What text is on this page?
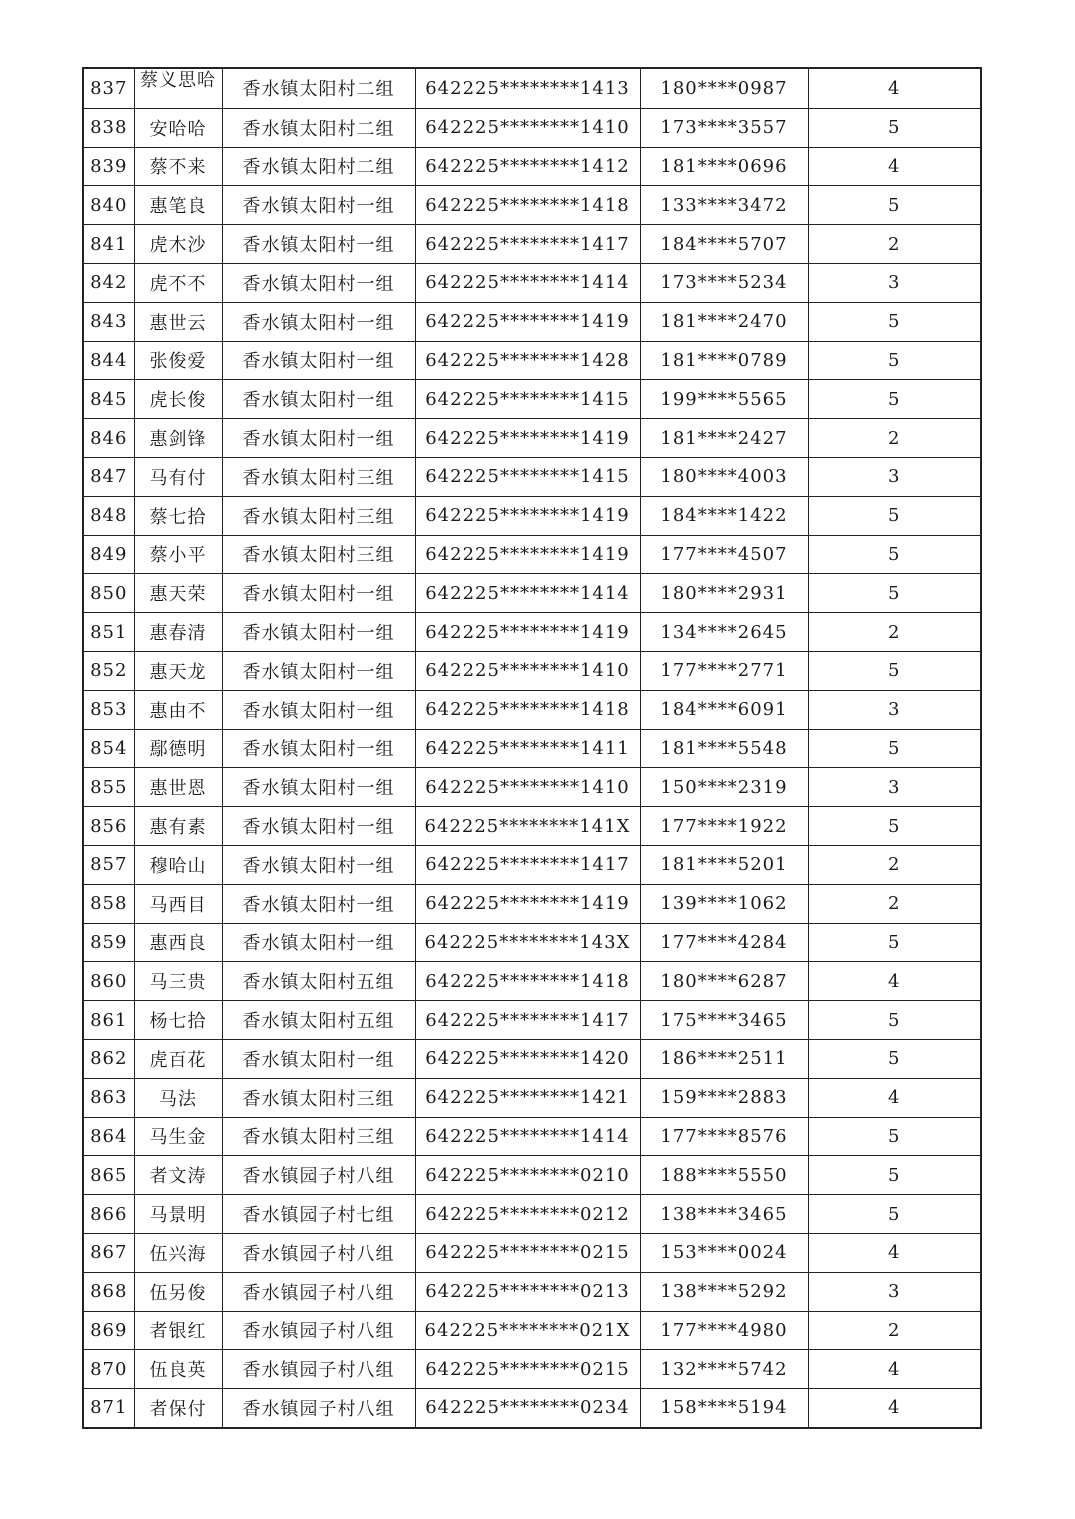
837	蔡义思哈	香水镇太阳村二组	642225********1413	180****0987	4
838	安哈哈	香水镇太阳村二组	642225********1410	173****3557	5
839	蔡不来	香水镇太阳村二组	642225********1412	181****0696	4
840	惠笔良	香水镇太阳村一组	642225********1418	133****3472	5
841	虎木沙	香水镇太阳村一组	642225********1417	184****5707	2
842	虎不不	香水镇太阳村一组	642225********1414	173****5234	3
843	惠世云	香水镇太阳村一组	642225********1419	181****2470	5
844	张俊爱	香水镇太阳村一组	642225********1428	181****0789	5
845	虎长俊	香水镇太阳村一组	642225********1415	199****5565	5
846	惠剑锋	香水镇太阳村一组	642225********1419	181****2427	2
847	马有付	香水镇太阳村三组	642225********1415	180****4003	3
848	蔡七拾	香水镇太阳村三组	642225********1419	184****1422	5
849	蔡小平	香水镇太阳村三组	642225********1419	177****4507	5
850	惠天荣	香水镇太阳村一组	642225********1414	180****2931	5
851	惠春清	香水镇太阳村一组	642225********1419	134****2645	2
852	惠天龙	香水镇太阳村一组	642225********1410	177****2771	5
853	惠由不	香水镇太阳村一组	642225********1418	184****6091	3
854	鄢德明	香水镇太阳村一组	642225********1411	181****5548	5
855	惠世恩	香水镇太阳村一组	642225********1410	150****2319	3
856	惠有素	香水镇太阳村一组	642225********141X	177****1922	5
857	穆哈山	香水镇太阳村一组	642225********1417	181****5201	2
858	马西目	香水镇太阳村一组	642225********1419	139****1062	2
859	惠西良	香水镇太阳村一组	642225********143X	177****4284	5
860	马三贵	香水镇太阳村五组	642225********1418	180****6287	4
861	杨七拾	香水镇太阳村五组	642225********1417	175****3465	5
862	虎百花	香水镇太阳村一组	642225********1420	186****2511	5
863	马法	香水镇太阳村三组	642225********1421	159****2883	4
864	马生金	香水镇太阳村三组	642225********1414	177****8576	5
865	者文涛	香水镇园子村八组	642225********0210	188****5550	5
866	马景明	香水镇园子村七组	642225********0212	138****3465	5
867	伍兴海	香水镇园子村八组	642225********0215	153****0024	4
868	伍另俊	香水镇园子村八组	642225********0213	138****5292	3
869	者银红	香水镇园子村八组	642225********021X	177****4980	2
870	伍良英	香水镇园子村八组	642225********0215	132****5742	4
871	者保付	香水镇园子村八组	642225********0234	158****5194	4
